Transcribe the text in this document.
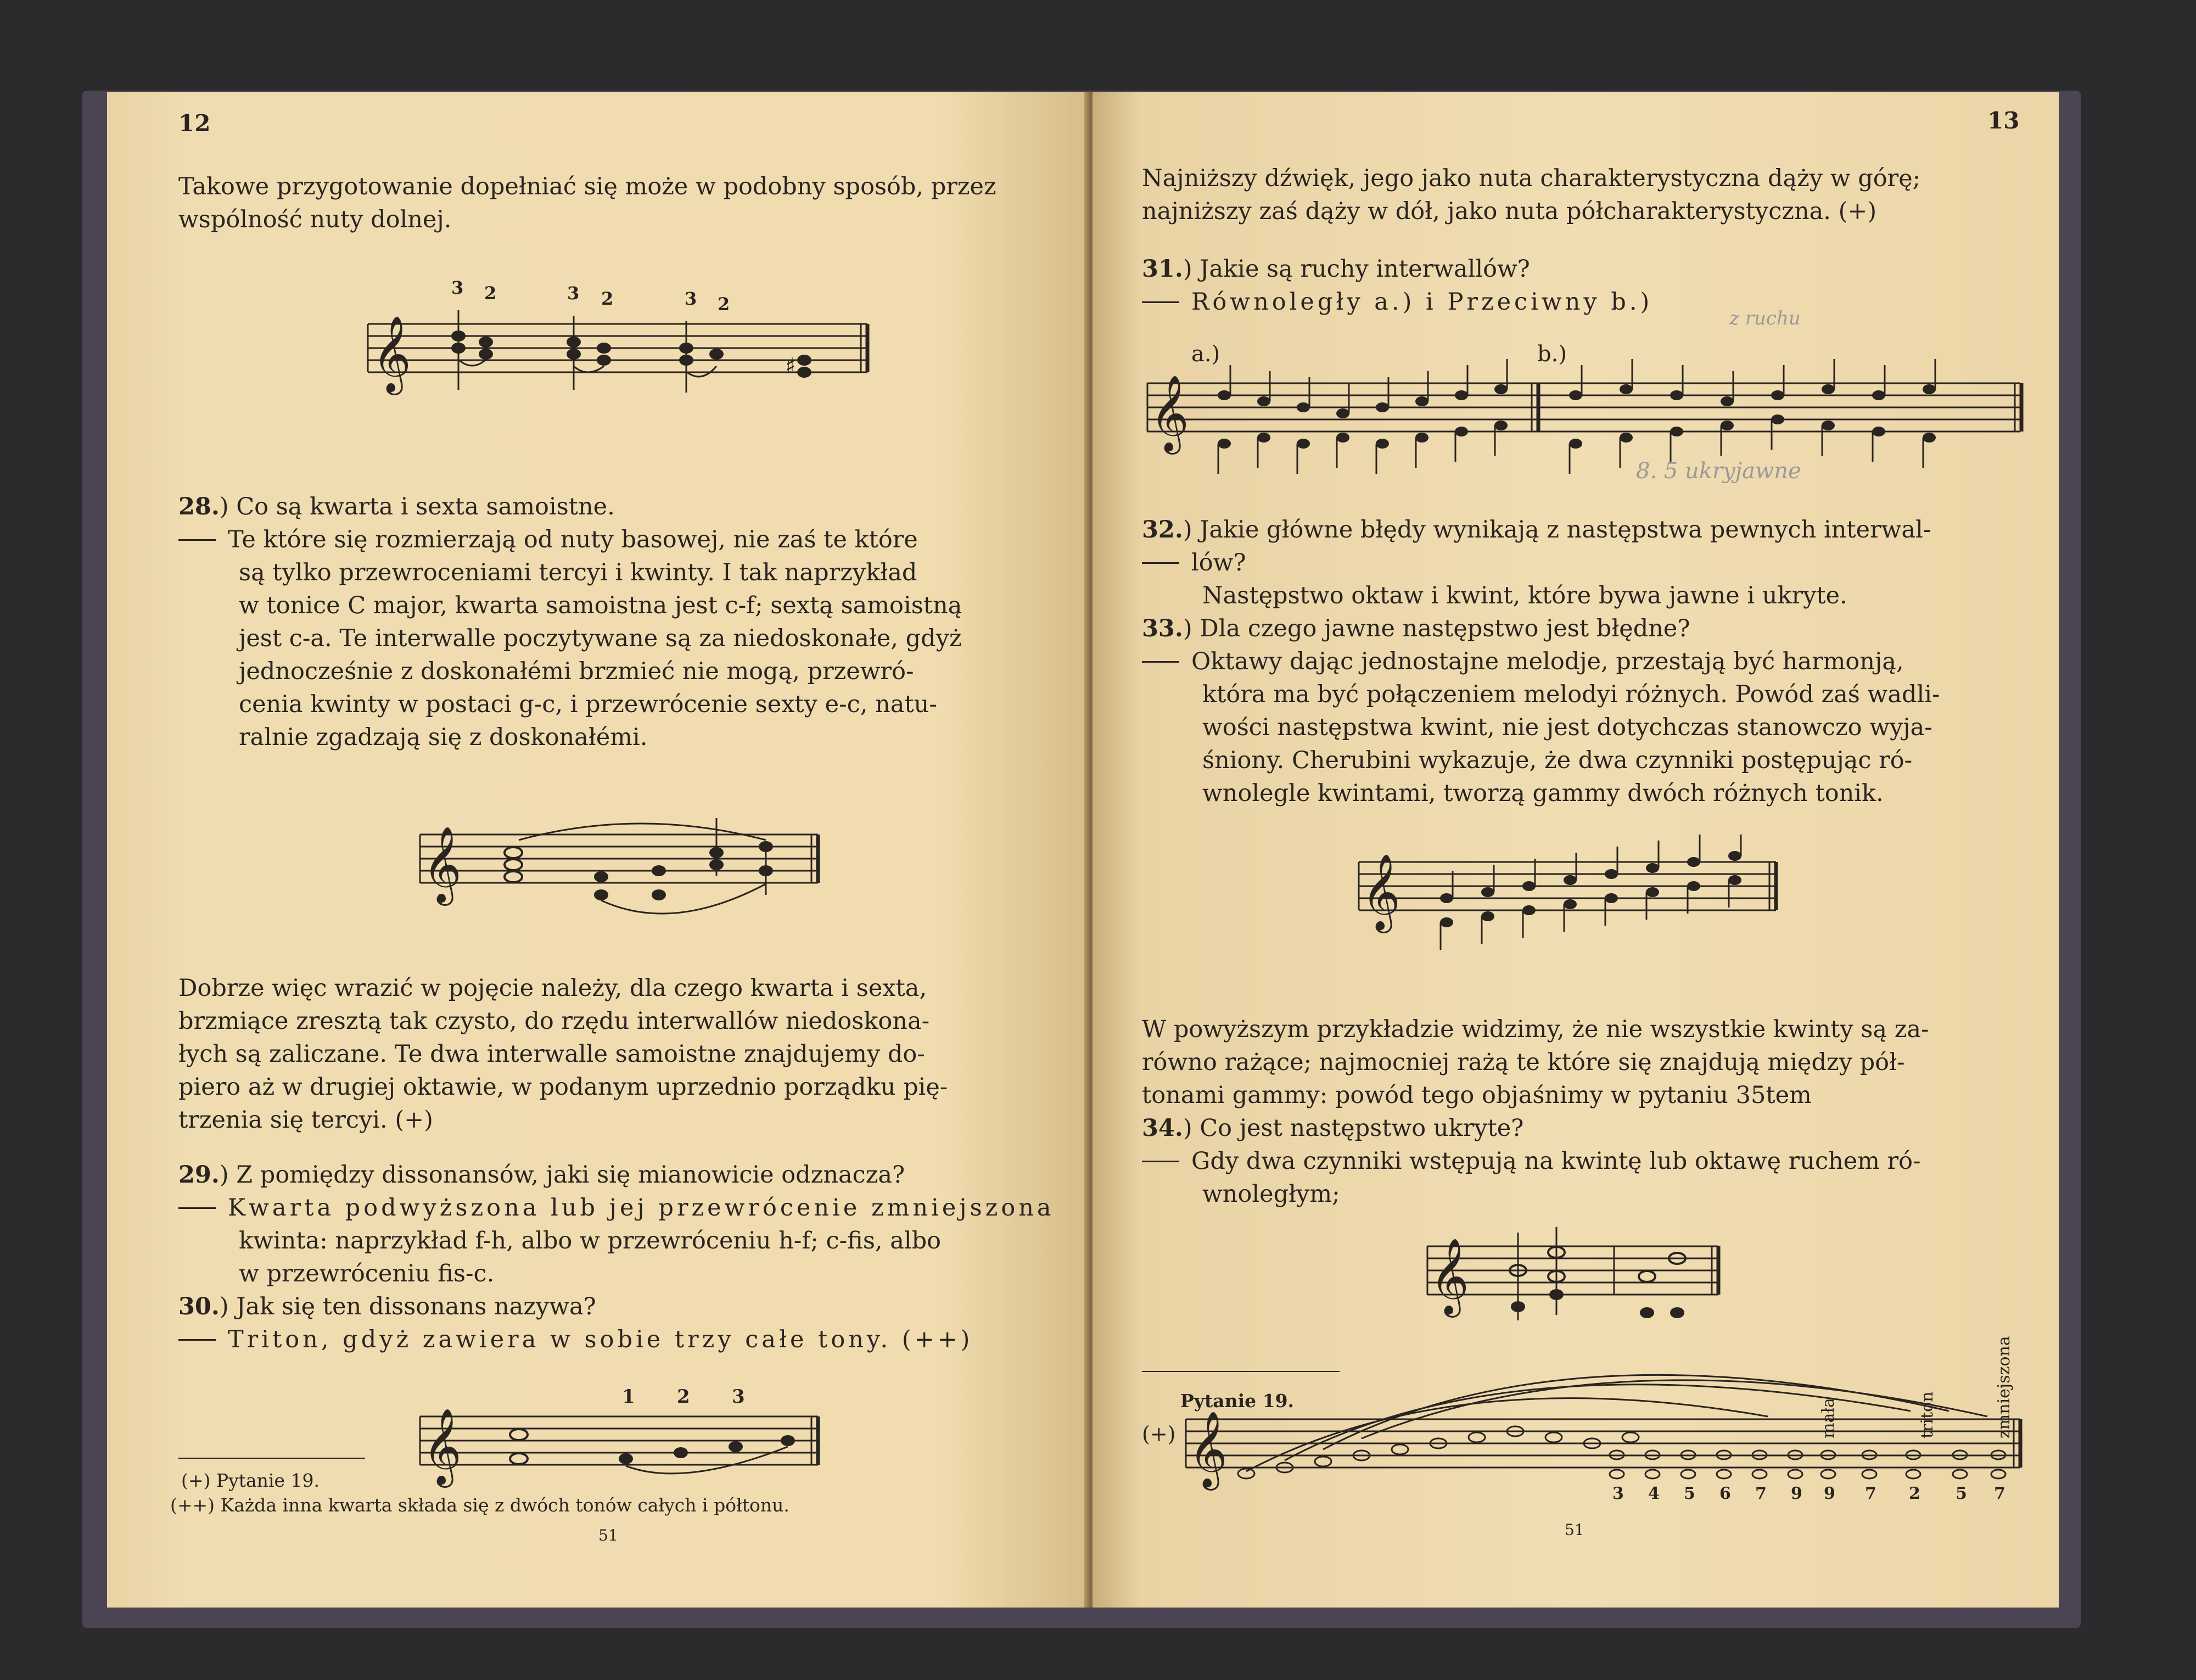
12
Takowe przygotowanie dopełniać się może w podobny sposób, przez
wspólność nuty dolnej.
𝄞	♯
3 2	3 2	3 2
28.) Co są kwarta i sexta samoistne.
Te które się rozmierzają od nuty basowej, nie zaś te które
są tylko przewroceniami tercyi i kwinty. I tak naprzykład
w tonice C major, kwarta samoistna jest c-f; sextą samoistną
jest c-a. Te interwalle poczytywane są za niedoskonałe, gdyż
jednocześnie z doskonałémi brzmieć nie mogą, przewró-
cenia kwinty w postaci g-c, i przewrócenie sexty e-c, natu-
ralnie zgadzają się z doskonałémi.
𝄞
Dobrze więc wrazić w pojęcie należy, dla czego kwarta i sexta,
brzmiące zresztą tak czysto, do rzędu interwallów niedoskona-
łych są zaliczane. Te dwa interwalle samoistne znajdujemy do-
piero aż w drugiej oktawie, w podanym uprzednio porządku pię-
trzenia się tercyi. (+)
29.) Z pomiędzy dissonansów, jaki się mianowicie odznacza?
Kwarta podwyższona lub jej przewrócenie zmniejszona
kwinta: naprzykład f-h, albo w przewróceniu h-f; c-fis, albo
w przewróceniu fis-c.
30.) Jak się ten dissonans nazywa?
Triton, gdyż zawiera w sobie trzy całe tony. (++)
1 2 3
𝄞
(+) Pytanie 19.
(++) Każda inna kwarta składa się z dwóch tonów całych i półtonu.
51
13
Najniższy dźwięk, jego jako nuta charakterystyczna dąży w górę;
najniższy zaś dąży w dół, jako nuta półcharakterystyczna. (+)
31.) Jakie są ruchy interwallów?
Równoległy a.) i Przeciwny b.)
a.)	b.)
𝄞
8. 5 ukryjawne
z ruchu
32.) Jakie główne błędy wynikają z następstwa pewnych interwal-
lów?
Następstwo oktaw i kwint, które bywa jawne i ukryte.
33.) Dla czego jawne następstwo jest błędne?
Oktawy dając jednostajne melodje, przestają być harmonją,
która ma być połączeniem melodyi różnych. Powód zaś wadli-
wości następstwa kwint, nie jest dotychczas stanowczo wyja-
śniony. Cherubini wykazuje, że dwa czynniki postępując ró-
wnolegle kwintami, tworzą gammy dwóch różnych tonik.
𝄞
W powyższym przykładzie widzimy, że nie wszystkie kwinty są za-
równo rażące; najmocniej rażą te które się znajdują między pół-
tonami gammy: powód tego objaśnimy w pytaniu 35tem
34.) Co jest następstwo ukryte?
Gdy dwa czynniki wstępują na kwintę lub oktawę ruchem ró-
wnoległym;
𝄞
Pytanie 19.
(+) 𝄞
3 4 5 6 7 9 9 7 2 5 7
mała	triton	zmniejszona
51
